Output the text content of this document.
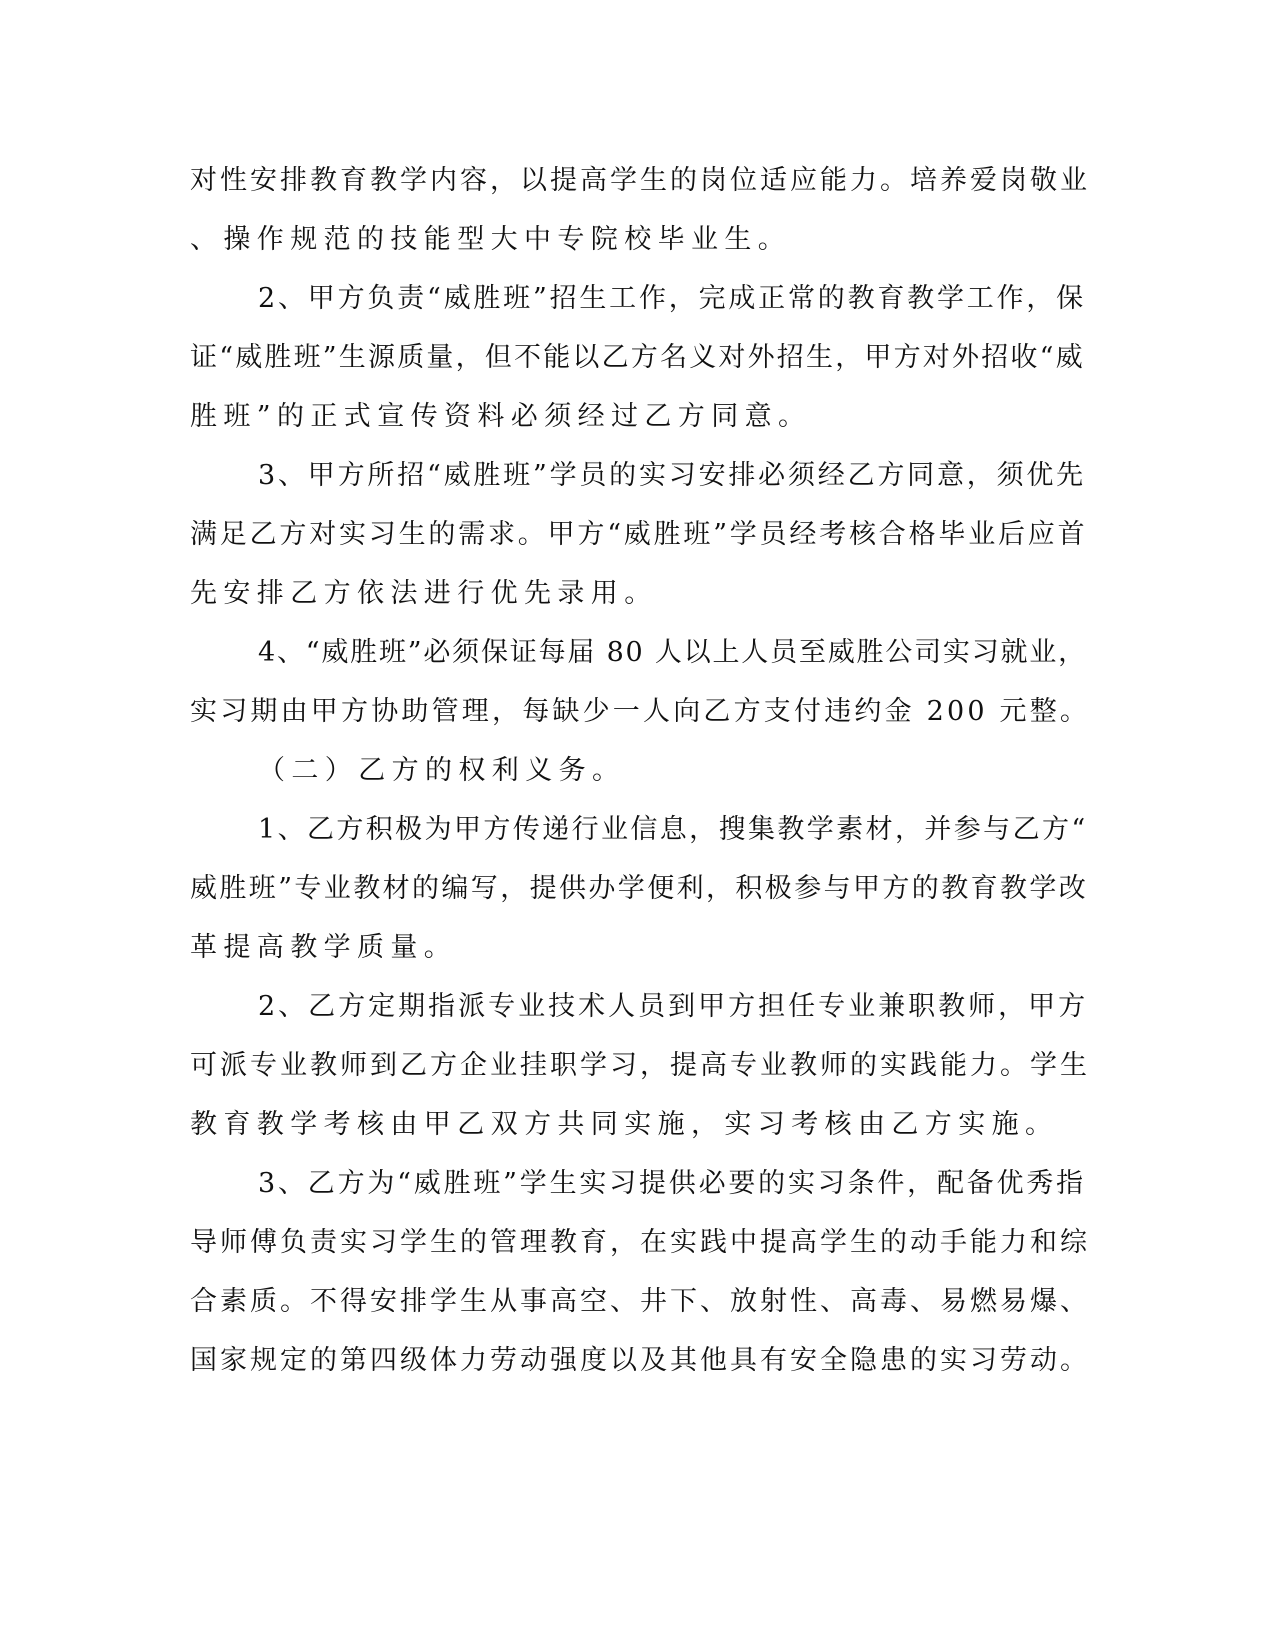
对性安排教育教学内容，以提高学生的岗位适应能力。培养爱岗敬业
、操作规范的技能型大中专院校毕业生。
2、甲方负责“威胜班”招生工作，完成正常的教育教学工作，保
证“威胜班”生源质量，但不能以乙方名义对外招生，甲方对外招收“威
胜班”的正式宣传资料必须经过乙方同意。
3、甲方所招“威胜班”学员的实习安排必须经乙方同意，须优先
满足乙方对实习生的需求。甲方“威胜班”学员经考核合格毕业后应首
先安排乙方依法进行优先录用。
4、“威胜班”必须保证每届 80 人以上人员至威胜公司实习就业，
实习期由甲方协助管理，每缺少一人向乙方支付违约金 200 元整。
（二）乙方的权利义务。
1、乙方积极为甲方传递行业信息，搜集教学素材，并参与乙方“
威胜班”专业教材的编写，提供办学便利，积极参与甲方的教育教学改
革提高教学质量。
2、乙方定期指派专业技术人员到甲方担任专业兼职教师，甲方
可派专业教师到乙方企业挂职学习，提高专业教师的实践能力。学生
教育教学考核由甲乙双方共同实施，实习考核由乙方实施。
3、乙方为“威胜班”学生实习提供必要的实习条件，配备优秀指
导师傅负责实习学生的管理教育，在实践中提高学生的动手能力和综
合素质。不得安排学生从事高空、井下、放射性、高毒、易燃易爆、
国家规定的第四级体力劳动强度以及其他具有安全隐患的实习劳动。
